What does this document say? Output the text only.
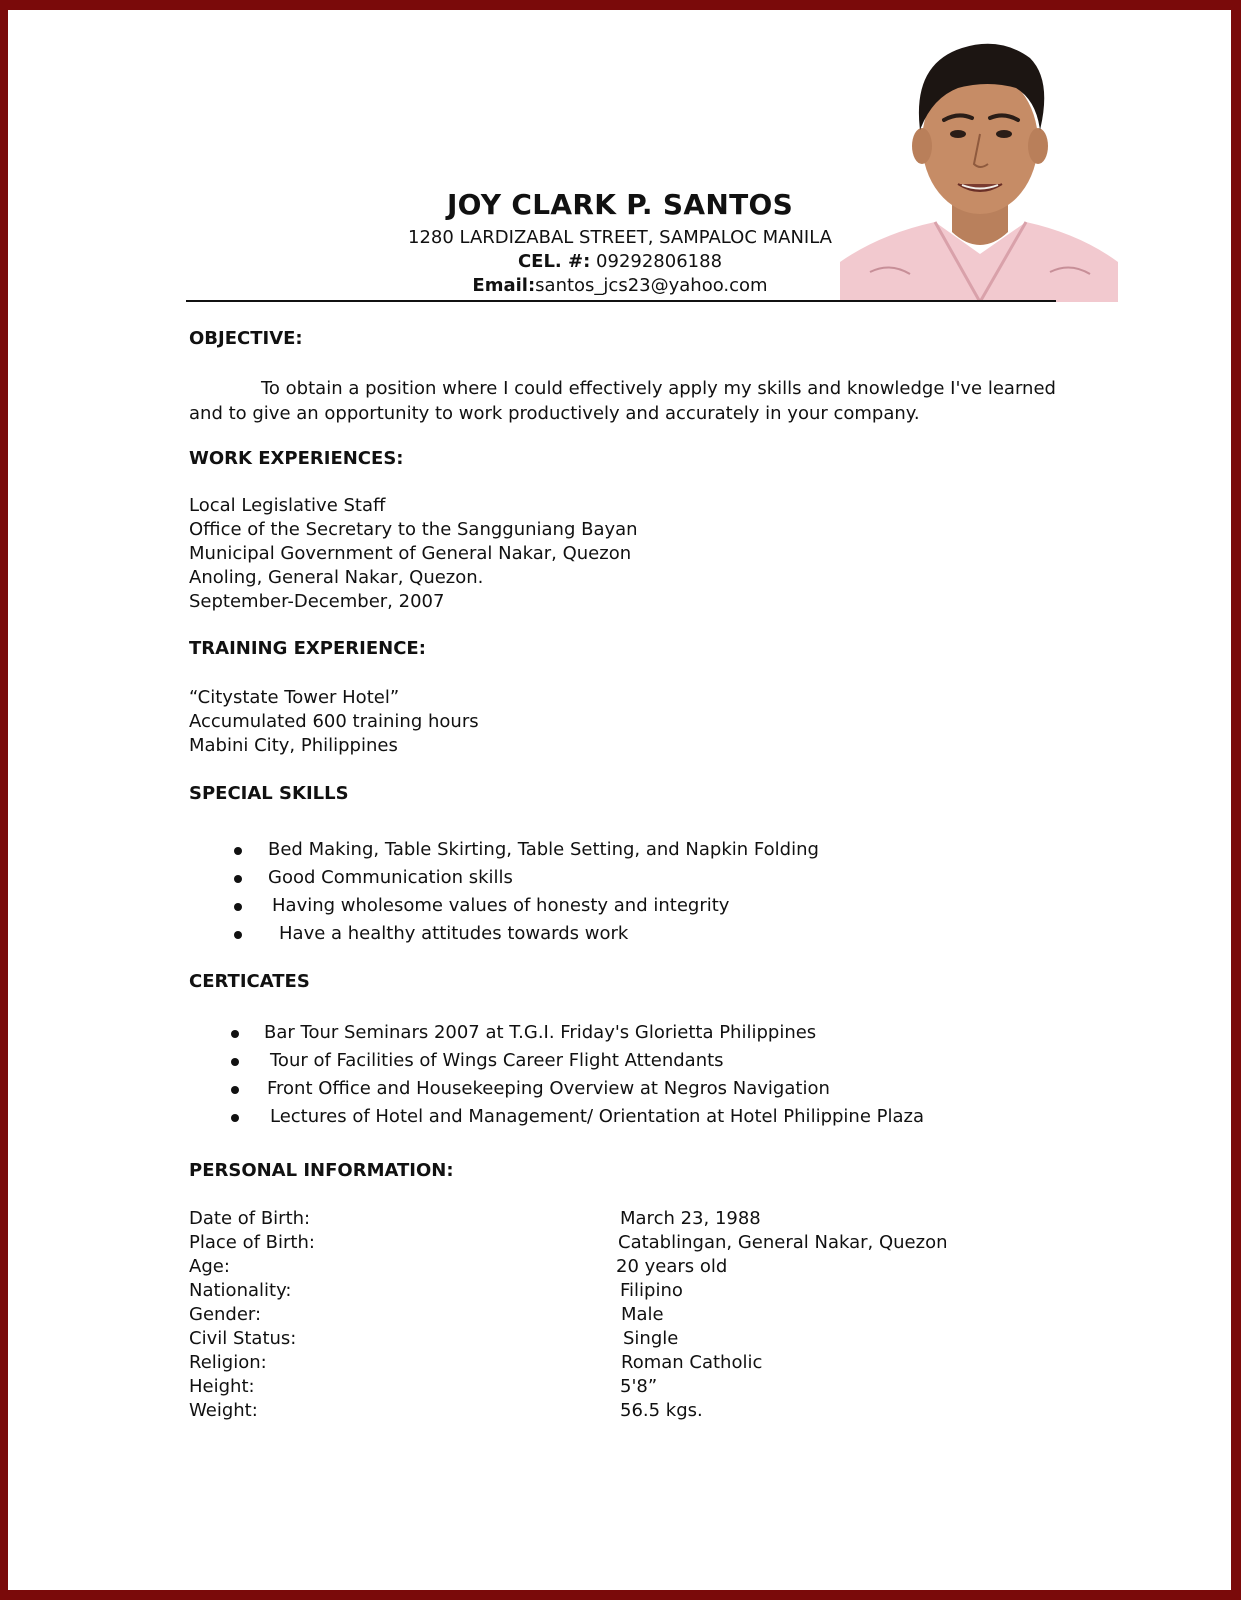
JOY CLARK P. SANTOS
1280 LARDIZABAL STREET, SAMPALOC MANILA
CEL. #: 09292806188
Email:santos_jcs23@yahoo.com
OBJECTIVE:
To obtain a position where I could effectively apply my skills and knowledge I've learned and to give an opportunity to work productively and accurately in your company.
WORK EXPERIENCES:
Local Legislative Staff
Office of the Secretary to the Sangguniang Bayan
Municipal Government of General Nakar, Quezon
Anoling, General Nakar, Quezon.
September-December, 2007
TRAINING EXPERIENCE:
“Citystate Tower Hotel”
Accumulated 600 training hours
Mabini City, Philippines
SPECIAL SKILLS
Bed Making, Table Skirting, Table Setting, and Napkin Folding
Good Communication skills
Having wholesome values of honesty and integrity
Have a healthy attitudes towards work
CERTICATES
Bar Tour Seminars 2007 at T.G.I. Friday's Glorietta Philippines
Tour of Facilities of Wings Career Flight Attendants
Front Office and Housekeeping Overview at Negros Navigation
Lectures of Hotel and Management/ Orientation at Hotel Philippine Plaza
PERSONAL INFORMATION:
Date of Birth:	March 23, 1988
Place of Birth:	Catablingan, General Nakar, Quezon
Age:	20 years old
Nationality:	Filipino
Gender:	Male
Civil Status:	Single
Religion:	Roman Catholic
Height:	5'8”
Weight:	56.5 kgs.
